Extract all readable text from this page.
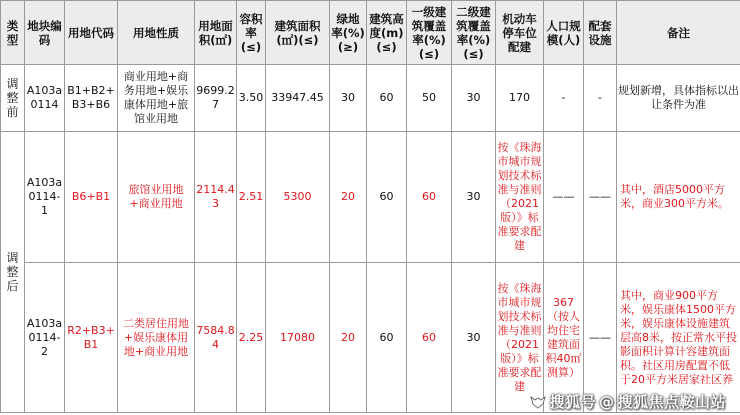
类型	地块编码	用地代码	用地性质	用地面积(㎡)	容积率(≤)	建筑面积(㎡)(≤)	绿地率(%)(≥)	建筑高度(m)(≤)	一级建筑覆盖率(%)(≤)	二级建筑覆盖率(%)(≤)	机动车停车位配建	人口规模(人)	配套设施	备注
调整前	A103a0114	B1+B2+B3+B6	商业用地+商务用地+娱乐康体用地+旅馆业用地	9699.27	3.50	33947.45	30	60	50	30	170	-	-	规划新增，具体指标以出让条件为准
调整后	A103a0114-1	B6+B1	旅馆业用地+商业用地	2114.43	2.51	5300	20	60	60	30	按《珠海市城市规划技术标准与准则（2021版）》标准要求配建	——	——	其中，酒店5000平方米，商业300平方米。
	A103a0114-2	R2+B3+B1	二类居住用地+娱乐康体用地+商业用地	7584.84	2.25	17080	20	60	60	30	按《珠海市城市规划技术标准与准则（2021版）》标准要求配建	367（按人均住宅建筑面积40㎡测算）	——	其中，商业900平方米，娱乐康体1500平方米，娱乐康体设施建筑层高8米，按正常水平投影面积计算计容建筑面积。社区用房配置不低于20平方米居家社区养
搜狐号 @ 搜狐焦点鞍山站
